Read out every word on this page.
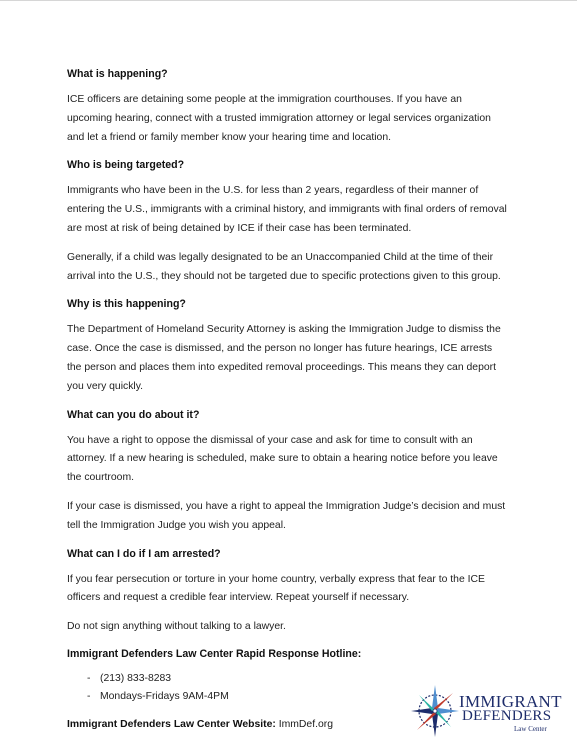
What is happening?

ICE officers are detaining some people at the immigration courthouses. If you have an upcoming hearing, connect with a trusted immigration attorney or legal services organization and let a friend or family member know your hearing time and location.

Who is being targeted?

Immigrants who have been in the U.S. for less than 2 years, regardless of their manner of entering the U.S., immigrants with a criminal history, and immigrants with final orders of removal are most at risk of being detained by ICE if their case has been terminated.

Generally, if a child was legally designated to be an Unaccompanied Child at the time of their arrival into the U.S., they should not be targeted due to specific protections given to this group.

Why is this happening?

The Department of Homeland Security Attorney is asking the Immigration Judge to dismiss the case. Once the case is dismissed, and the person no longer has future hearings, ICE arrests the person and places them into expedited removal proceedings. This means they can deport you very quickly.

What can you do about it?

You have a right to oppose the dismissal of your case and ask for time to consult with an attorney. If a new hearing is scheduled, make sure to obtain a hearing notice before you leave the courtroom.

If your case is dismissed, you have a right to appeal the Immigration Judge’s decision and must tell the Immigration Judge you wish you appeal.

What can I do if I am arrested?

If you fear persecution or torture in your home country, verbally express that fear to the ICE officers and request a credible fear interview. Repeat yourself if necessary.

Do not sign anything without talking to a lawyer.

Immigrant Defenders Law Center Rapid Response Hotline:
- (213) 833-8283
- Mondays-Fridays 9AM-4PM
Immigrant Defenders Law Center Website: ImmDef.org
IMMIGRANT
DEFENDERS
Law Center
